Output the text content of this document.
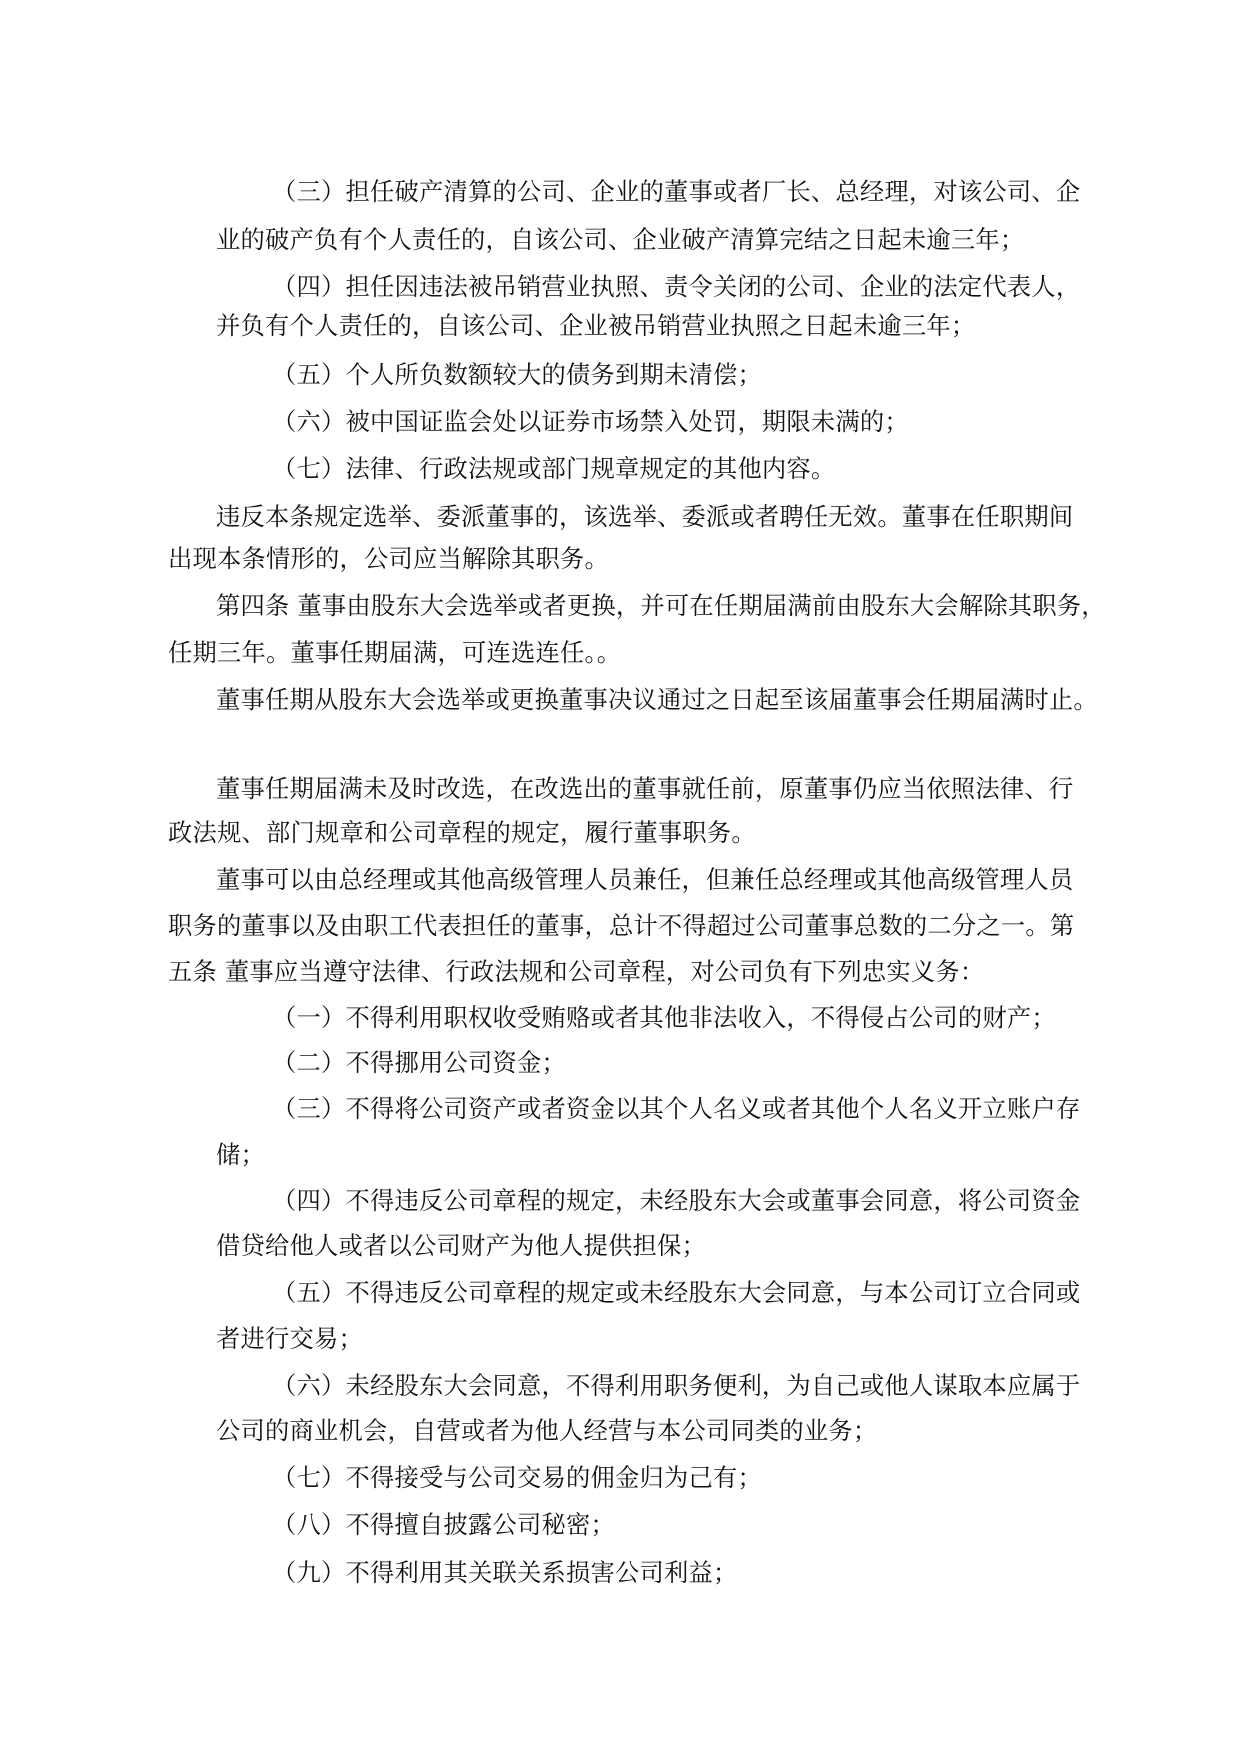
（三）担任破产清算的公司、企业的董事或者厂长、总经理，对该公司、企
业的破产负有个人责任的，自该公司、企业破产清算完结之日起未逾三年；
（四）担任因违法被吊销营业执照、责令关闭的公司、企业的法定代表人，
并负有个人责任的，自该公司、企业被吊销营业执照之日起未逾三年；
（五）个人所负数额较大的债务到期未清偿；
（六）被中国证监会处以证券市场禁入处罚，期限未满的；
（七）法律、行政法规或部门规章规定的其他内容。
违反本条规定选举、委派董事的，该选举、委派或者聘任无效。董事在任职期间
出现本条情形的，公司应当解除其职务。
第四条 董事由股东大会选举或者更换，并可在任期届满前由股东大会解除其职务，
任期三年。董事任期届满，可连选连任。。
董事任期从股东大会选举或更换董事决议通过之日起至该届董事会任期届满时止。
董事任期届满未及时改选，在改选出的董事就任前，原董事仍应当依照法律、行
政法规、部门规章和公司章程的规定，履行董事职务。
董事可以由总经理或其他高级管理人员兼任，但兼任总经理或其他高级管理人员
职务的董事以及由职工代表担任的董事，总计不得超过公司董事总数的二分之一。第
五条 董事应当遵守法律、行政法规和公司章程，对公司负有下列忠实义务：
（一）不得利用职权收受贿赂或者其他非法收入，不得侵占公司的财产；
（二）不得挪用公司资金；
（三）不得将公司资产或者资金以其个人名义或者其他个人名义开立账户存
储；
（四）不得违反公司章程的规定，未经股东大会或董事会同意，将公司资金
借贷给他人或者以公司财产为他人提供担保；
（五）不得违反公司章程的规定或未经股东大会同意，与本公司订立合同或
者进行交易；
（六）未经股东大会同意，不得利用职务便利，为自己或他人谋取本应属于
公司的商业机会，自营或者为他人经营与本公司同类的业务；
（七）不得接受与公司交易的佣金归为己有；
（八）不得擅自披露公司秘密；
（九）不得利用其关联关系损害公司利益；
